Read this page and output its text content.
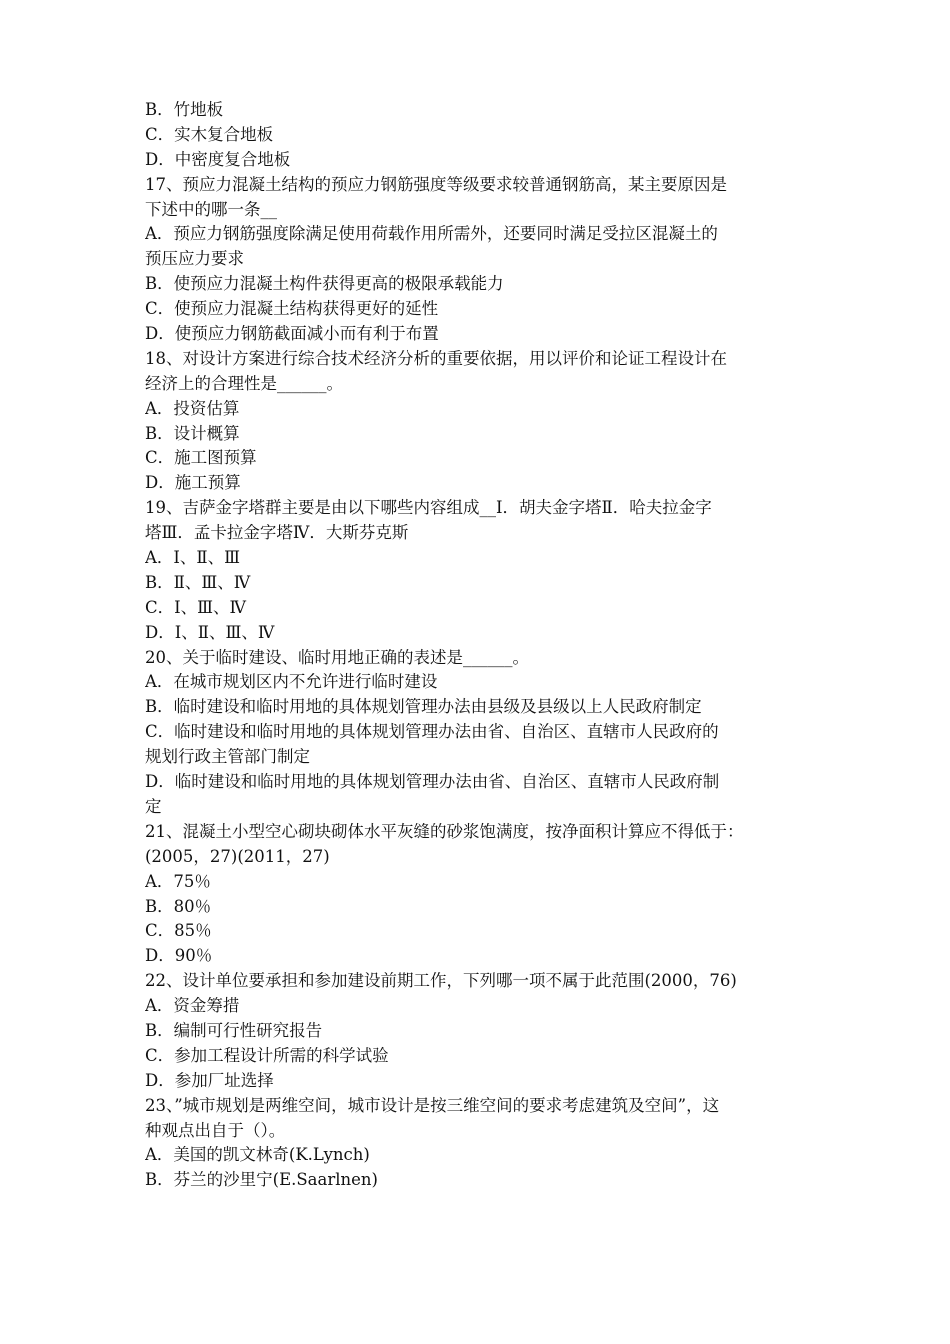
B．竹地板
C．实木复合地板
D．中密度复合地板
17、预应力混凝土结构的预应力钢筋强度等级要求较普通钢筋高，某主要原因是
下述中的哪一条__
A．预应力钢筋强度除满足使用荷载作用所需外，还要同时满足受拉区混凝土的
预压应力要求
B．使预应力混凝土构件获得更高的极限承载能力
C．使预应力混凝土结构获得更好的延性
D．使预应力钢筋截面减小而有利于布置
18、对设计方案进行综合技术经济分析的重要依据，用以评价和论证工程设计在
经济上的合理性是______。
A．投资估算
B．设计概算
C．施工图预算
D．施工预算
19、吉萨金字塔群主要是由以下哪些内容组成__Ⅰ．胡夫金字塔Ⅱ．哈夫拉金字
塔Ⅲ．孟卡拉金字塔Ⅳ．大斯芬克斯
A．Ⅰ、Ⅱ、Ⅲ
B．Ⅱ、Ⅲ、Ⅳ
C．Ⅰ、Ⅲ、Ⅳ
D．Ⅰ、Ⅱ、Ⅲ、Ⅳ
20、关于临时建设、临时用地正确的表述是______。
A．在城市规划区内不允许进行临时建设
B．临时建设和临时用地的具体规划管理办法由县级及县级以上人民政府制定
C．临时建设和临时用地的具体规划管理办法由省、自治区、直辖市人民政府的
规划行政主管部门制定
D．临时建设和临时用地的具体规划管理办法由省、自治区、直辖市人民政府制
定
21、混凝土小型空心砌块砌体水平灰缝的砂浆饱满度，按净面积计算应不得低于：
(2005，27)(2011，27)
A．75％
B．80％
C．85％
D．90％
22、设计单位要承担和参加建设前期工作，下列哪一项不属于此范围(2000，76)
A．资金筹措
B．编制可行性研究报告
C．参加工程设计所需的科学试验
D．参加厂址选择
23、”城市规划是两维空间，城市设计是按三维空间的要求考虑建筑及空间”，这
种观点出自于（）。
A．美国的凯文林奇(K.Lynch)
B．芬兰的沙里宁(E.Saarlnen)
